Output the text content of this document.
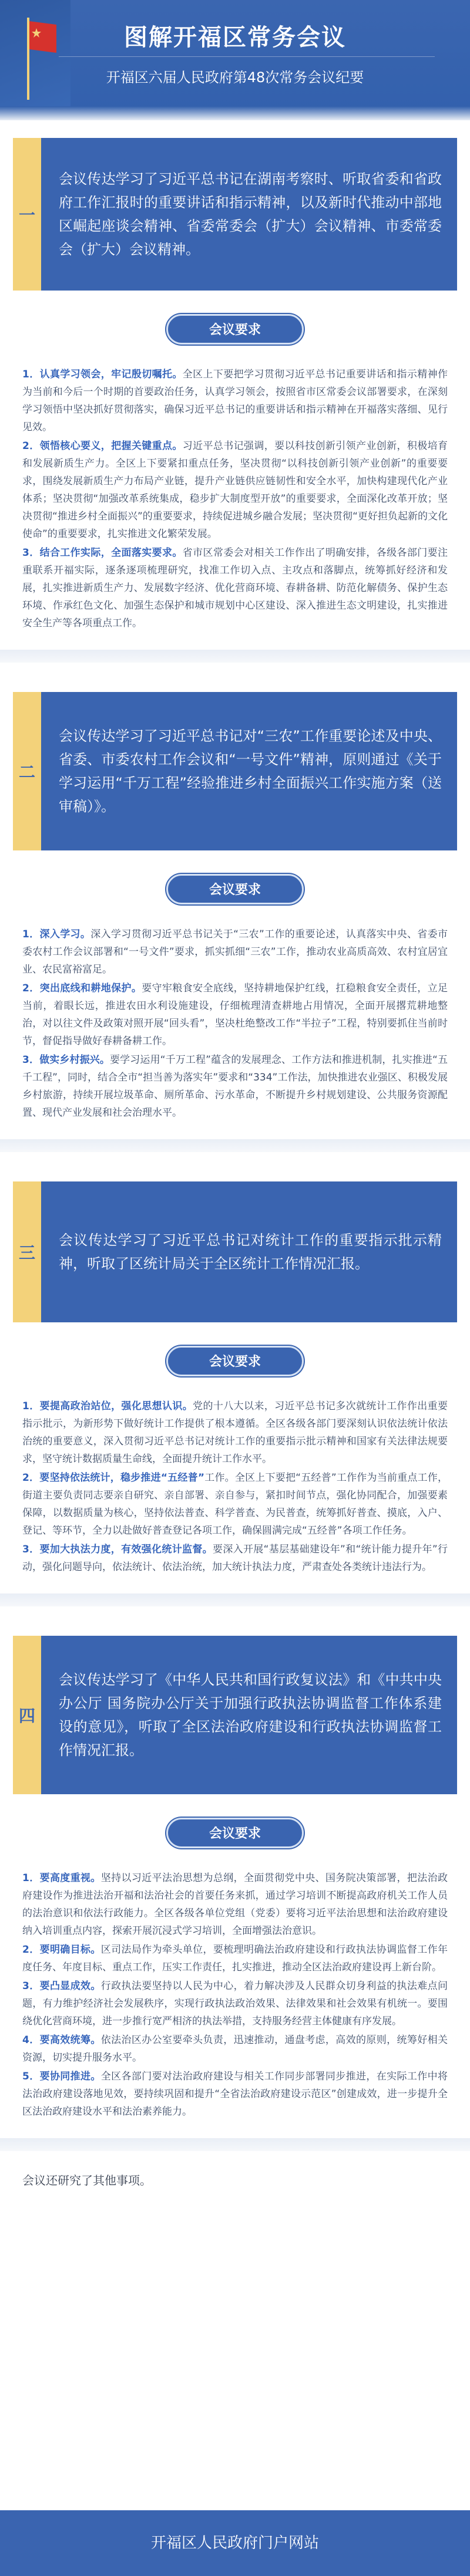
图解开福区常务会议
开福区六届人民政府第48次常务会议纪要
一
会议传达学习了习近平总书记在湖南考察时、听取省委和省政府工作汇报时的重要讲话和指示精神，以及新时代推动中部地区崛起座谈会精神、省委常委会（扩大）会议精神、市委常委会（扩大）会议精神。
会议要求

1．认真学习领会，牢记殷切嘱托。全区上下要把学习贯彻习近平总书记重要讲话和指示精神作为当前和今后一个时期的首要政治任务，认真学习领会，按照省市区常委会议部署要求，在深刻学习领悟中坚决抓好贯彻落实，确保习近平总书记的重要讲话和指示精神在开福落实落细、见行见效。

2．领悟核心要义，把握关键重点。习近平总书记强调，要以科技创新引领产业创新，积极培育和发展新质生产力。全区上下要紧扣重点任务，坚决贯彻“以科技创新引领产业创新”的重要要求，围绕发展新质生产力布局产业链，提升产业链供应链韧性和安全水平，加快构建现代化产业体系；坚决贯彻“加强改革系统集成，稳步扩大制度型开放”的重要要求，全面深化改革开放；坚决贯彻“推进乡村全面振兴”的重要要求，持续促进城乡融合发展；坚决贯彻“更好担负起新的文化使命”的重要要求，扎实推进文化繁荣发展。

3．结合工作实际，全面落实要求。省市区常委会对相关工作作出了明确安排，各级各部门要注重联系开福实际，逐条逐项梳理研究，找准工作切入点、主攻点和落脚点，统筹抓好经济和发展，扎实推进新质生产力、发展数字经济、优化营商环境、春耕备耕、防范化解债务、保护生态环境、作承红色文化、加强生态保护和城市规划中心区建设、深入推进生态文明建设，扎实推进安全生产等各项重点工作。

二
会议传达学习了习近平总书记对“三农”工作重要论述及中央、省委、市委农村工作会议和“一号文件”精神，原则通过《关于学习运用“千万工程”经验推进乡村全面振兴工作实施方案（送审稿）》。
会议要求

1．深入学习。深入学习贯彻习近平总书记关于“三农”工作的重要论述，认真落实中央、省委市委农村工作会议部署和“一号文件”要求，抓实抓细“三农”工作，推动农业高质高效、农村宜居宜业、农民富裕富足。

2．突出底线和耕地保护。要守牢粮食安全底线，坚持耕地保护红线，扛稳粮食安全责任，立足当前，着眼长远，推进农田水利设施建设，仔细梳理清查耕地占用情况，全面开展撂荒耕地整治，对以往文件及政策对照开展“回头看”，坚决杜绝整改工作“半拉子”工程，特别要抓住当前时节，督促指导做好春耕备耕工作。

3．做实乡村振兴。要学习运用“千万工程”蕴含的发展理念、工作方法和推进机制，扎实推进“五千工程”，同时，结合全市“担当善为落实年”要求和“334”工作法，加快推进农业强区、积极发展乡村旅游，持续开展垃圾革命、厕所革命、污水革命，不断提升乡村规划建设、公共服务资源配置、现代产业发展和社会治理水平。

三
会议传达学习了习近平总书记对统计工作的重要指示批示精神，听取了区统计局关于全区统计工作情况汇报。
会议要求

1．要提高政治站位，强化思想认识。党的十八大以来，习近平总书记多次就统计工作作出重要指示批示，为新形势下做好统计工作提供了根本遵循。全区各级各部门要深刻认识依法统计依法治统的重要意义，深入贯彻习近平总书记对统计工作的重要指示批示精神和国家有关法律法规要求，坚守统计数据质量生命线，全面提升统计工作水平。

2．要坚持依法统计，稳步推进“五经普”工作。全区上下要把“五经普”工作作为当前重点工作，街道主要负责同志要亲自研究、亲自部署、亲自参与，紧扣时间节点，强化协同配合，加强要素保障，以数据质量为核心，坚持依法普查、科学普查、为民普查，统筹抓好普查、摸底，入户、登记、等环节，全力以赴做好普查登记各项工作，确保圆满完成“五经普”各项工作任务。

3．要加大执法力度，有效强化统计监督。要深入开展“基层基础建设年”和“统计能力提升年”行动，强化问题导向，依法统计、依法治统，加大统计执法力度，严肃查处各类统计违法行为。

四
会议传达学习了《中华人民共和国行政复议法》和《中共中央办公厅 国务院办公厅关于加强行政执法协调监督工作体系建设的意见》，听取了全区法治政府建设和行政执法协调监督工作情况汇报。
会议要求

1．要高度重视。坚持以习近平法治思想为总纲，全面贯彻党中央、国务院决策部署，把法治政府建设作为推进法治开福和法治社会的首要任务来抓，通过学习培训不断提高政府机关工作人员的法治意识和依法行政能力。全区各级各单位党组（党委）要将习近平法治思想和法治政府建设纳入培训重点内容，探索开展沉浸式学习培训，全面增强法治意识。

2．要明确目标。区司法局作为牵头单位，要梳理明确法治政府建设和行政执法协调监督工作年度任务、年度目标、重点工作，压实工作责任，扎实推进，推动全区法治政府建设再上新台阶。

3．要凸显成效。行政执法要坚持以人民为中心，着力解决涉及人民群众切身利益的执法难点问题，有力维护经济社会发展秩序，实现行政执法政治效果、法律效果和社会效果有机统一。要围绕优化营商环境，进一步推行宽严相济的执法举措，支持服务经营主体健康有序发展。

4．要高效统筹。依法治区办公室要牵头负责，迅速推动，通盘考虑，高效的原则，统筹好相关资源，切实提升服务水平。

5．要协同推进。全区各部门要对法治政府建设与相关工作同步部署同步推进，在实际工作中将法治政府建设落地见效，要持续巩固和提升“全省法治政府建设示范区”创建成效，进一步提升全区法治政府建设水平和法治素养能力。

会议还研究了其他事项。
开福区人民政府门户网站
